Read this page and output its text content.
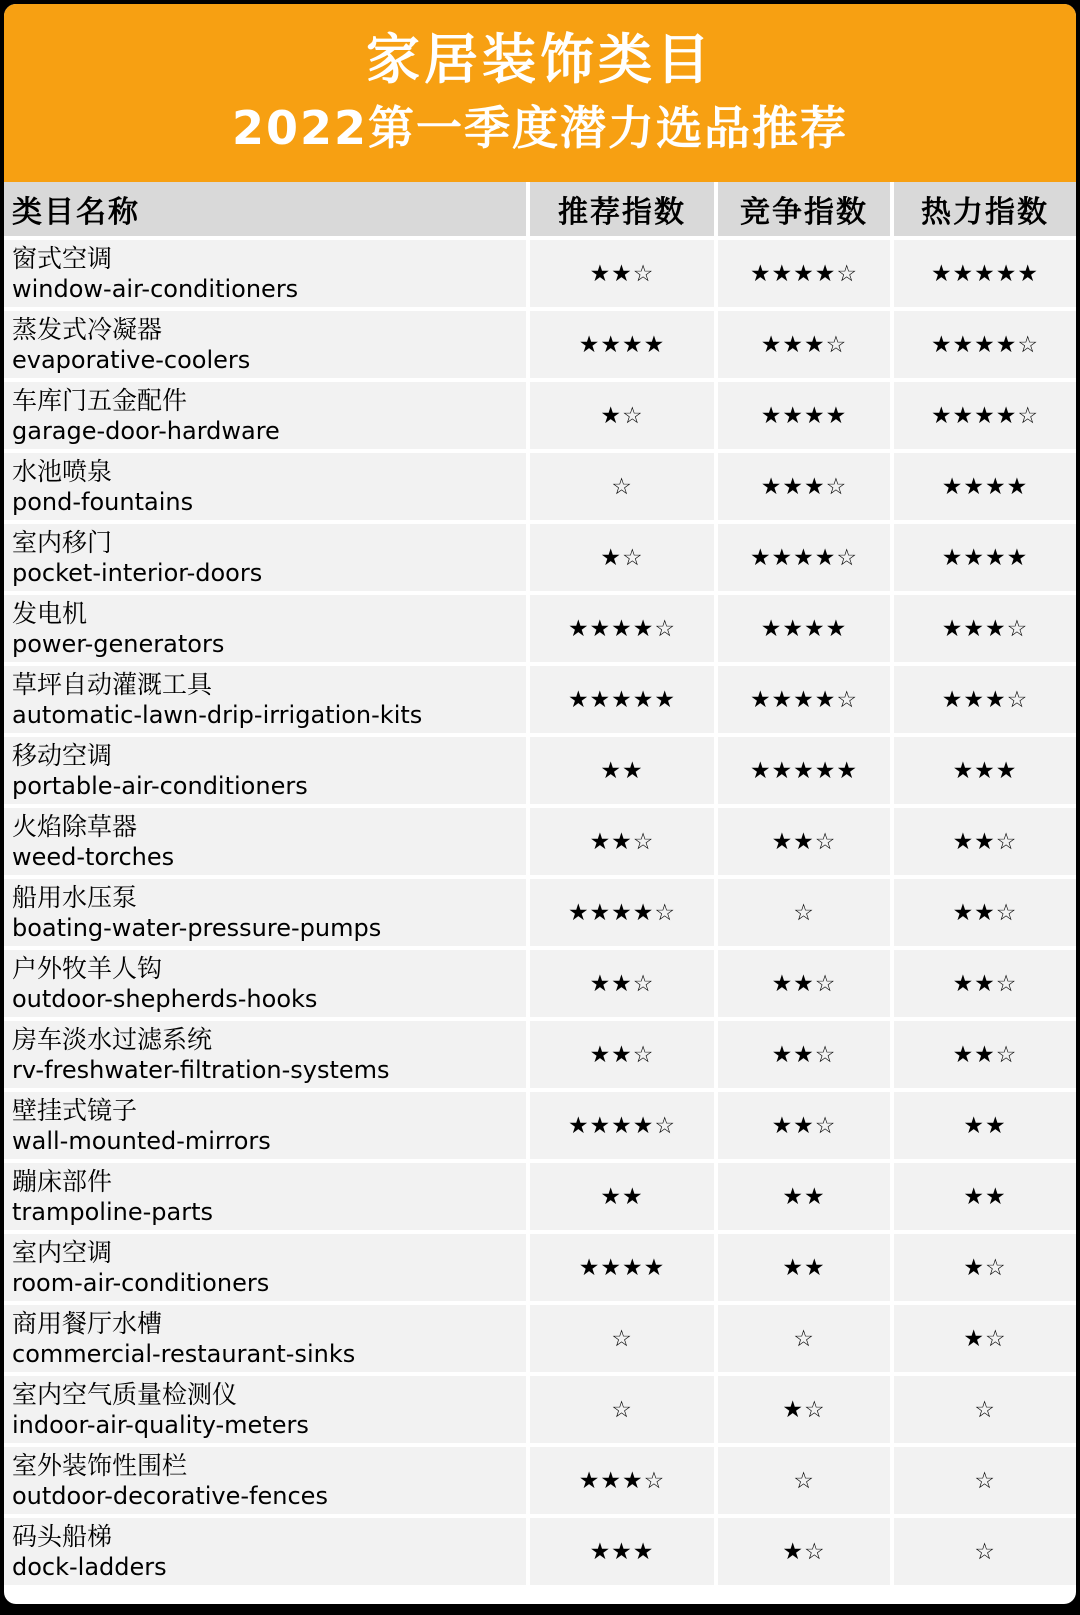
家居装饰类目
2022第一季度潜力选品推荐
类目名称	推荐指数	竞争指数	热力指数

窗式空调
window-air-conditioners	★★☆	★★★★☆	★★★★★

蒸发式冷凝器
evaporative-coolers	★★★★	★★★☆	★★★★☆

车库门五金配件
garage-door-hardware	★☆	★★★★	★★★★☆

水池喷泉
pond-fountains	☆	★★★☆	★★★★

室内移门
pocket-interior-doors	★☆	★★★★☆	★★★★

发电机
power-generators	★★★★☆	★★★★	★★★☆

草坪自动灌溉工具
automatic-lawn-drip-irrigation-kits	★★★★★	★★★★☆	★★★☆

移动空调
portable-air-conditioners	★★	★★★★★	★★★

火焰除草器
weed-torches	★★☆	★★☆	★★☆

船用水压泵
boating-water-pressure-pumps	★★★★☆	☆	★★☆

户外牧羊人钩
outdoor-shepherds-hooks	★★☆	★★☆	★★☆

房车淡水过滤系统
rv-freshwater-filtration-systems	★★☆	★★☆	★★☆

壁挂式镜子
wall-mounted-mirrors	★★★★☆	★★☆	★★

蹦床部件
trampoline-parts	★★	★★	★★

室内空调
room-air-conditioners	★★★★	★★	★☆

商用餐厅水槽
commercial-restaurant-sinks	☆	☆	★☆

室内空气质量检测仪
indoor-air-quality-meters	☆	★☆	☆

室外装饰性围栏
outdoor-decorative-fences	★★★☆	☆	☆

码头船梯
dock-ladders	★★★	★☆	☆
